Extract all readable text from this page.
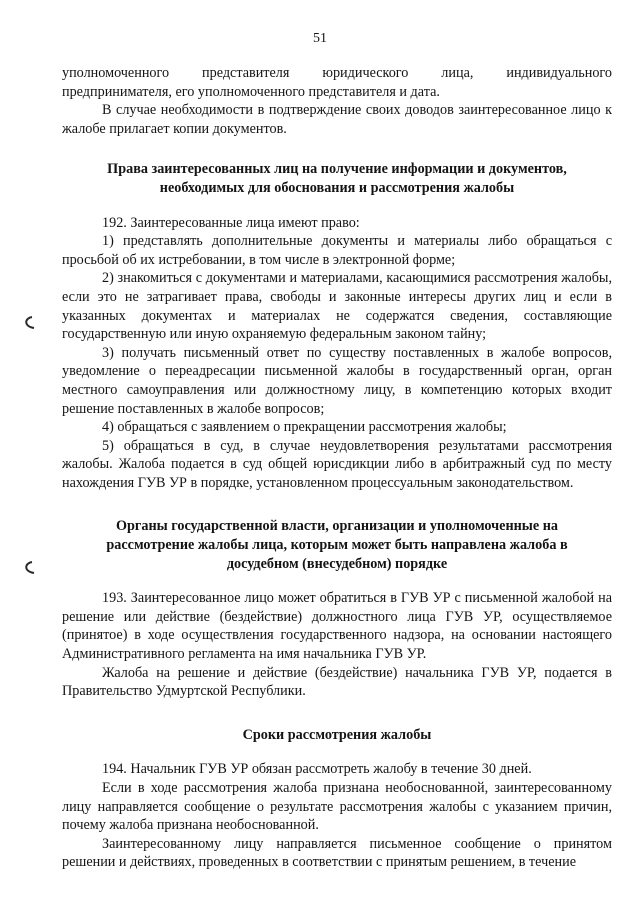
51
уполномоченного представителя юридического лица, индивидуального
предпринимателя, его уполномоченного представителя и дата.

В случае необходимости в подтверждение своих доводов заинтересованное лицо к жалобе прилагает копии документов.

Права заинтересованных лиц на получение информации и документов,

необходимых для обоснования и рассмотрения жалобы

192. Заинтересованные лица имеют право:

1) представлять дополнительные документы и материалы либо обращаться с просьбой об их истребовании, в том числе в электронной форме;

2) знакомиться с документами и материалами, касающимися рассмотрения жалобы, если это не затрагивает права, свободы и законные интересы других лиц и если в указанных документах и материалах не содержатся сведения, составляющие государственную или иную охраняемую федеральным законом тайну;

3) получать письменный ответ по существу поставленных в жалобе вопросов, уведомление о переадресации письменной жалобы в государственный орган, орган местного самоуправления или должностному лицу, в компетенцию которых входит решение поставленных в жалобе вопросов;

4) обращаться с заявлением о прекращении рассмотрения жалобы;

5) обращаться в суд, в случае неудовлетворения результатами рассмотрения жалобы. Жалоба подается в суд общей юрисдикции либо в арбитражный суд по месту нахождения ГУВ УР в порядке, установленном процессуальным законодательством.

Органы государственной власти, организации и уполномоченные на

рассмотрение жалобы лица, которым может быть направлена жалоба в

досудебном (внесудебном) порядке

193. Заинтересованное лицо может обратиться в ГУВ УР с письменной жалобой на решение или действие (бездействие) должностного лица ГУВ УР, осуществляемое (принятое) в ходе осуществления государственного надзора, на основании настоящего Административного регламента на имя начальника ГУВ УР.

Жалоба на решение и действие (бездействие) начальника ГУВ УР, подается в Правительство Удмуртской Республики.

Сроки рассмотрения жалобы

194. Начальник ГУВ УР обязан рассмотреть жалобу в течение 30 дней.

Если в ходе рассмотрения жалоба признана необоснованной, заинтересованному лицу направляется сообщение о результате рассмотрения жалобы с указанием причин, почему жалоба признана необоснованной.

Заинтересованному лицу направляется письменное сообщение о принятом решении и действиях, проведенных в соответствии с принятым решением, в течение
